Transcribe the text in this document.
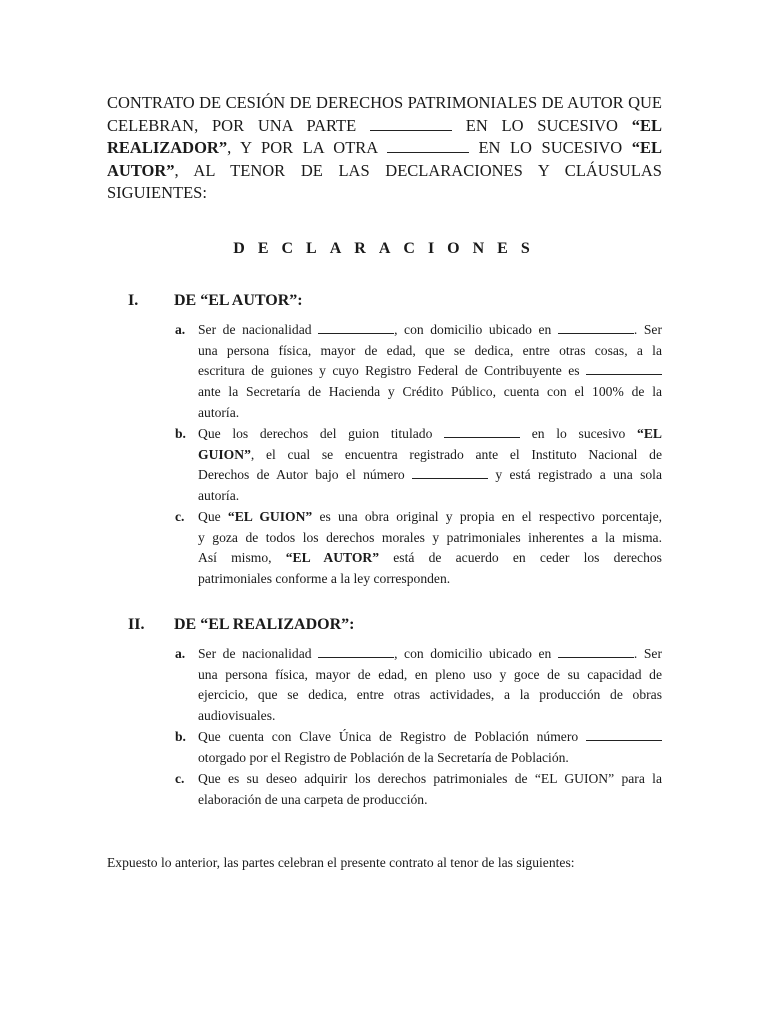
CONTRATO DE CESIÓN DE DERECHOS PATRIMONIALES DE AUTOR QUE
CELEBRAN, POR UNA PARTE	EN LO SUCESIVO “EL
REALIZADOR”, Y POR LA OTRA	EN LO SUCESIVO “EL
AUTOR”, AL TENOR DE LAS DECLARACIONES Y CLÁUSULAS
SIGUIENTES:
DECLARACIONES
I. DE “EL AUTOR”:
a. Ser de nacionalidad	, con domicilio ubicado en	. Ser
una persona física, mayor de edad, que se dedica, entre otras cosas, a la
escritura de guiones y cuyo Registro Federal de Contribuyente es
ante la Secretaría de Hacienda y Crédito Público, cuenta con el 100% de la
autoría.
b. Que los derechos del guion titulado	en lo sucesivo “EL
GUION”, el cual se encuentra registrado ante el Instituto Nacional de
Derechos de Autor bajo el número	y está registrado a una sola
autoría.
c. Que “EL GUION” es una obra original y propia en el respectivo porcentaje,
y goza de todos los derechos morales y patrimoniales inherentes a la misma.
Así mismo, “EL AUTOR” está de acuerdo en ceder los derechos
patrimoniales conforme a la ley corresponden.
II. DE “EL REALIZADOR”:
a. Ser de nacionalidad	, con domicilio ubicado en	. Ser
una persona física, mayor de edad, en pleno uso y goce de su capacidad de
ejercicio, que se dedica, entre otras actividades, a la producción de obras
audiovisuales.
b. Que cuenta con Clave Única de Registro de Población número
otorgado por el Registro de Población de la Secretaría de Población.
c. Que es su deseo adquirir los derechos patrimoniales de “EL GUION” para la
elaboración de una carpeta de producción.
Expuesto lo anterior, las partes celebran el presente contrato al tenor de las siguientes:
